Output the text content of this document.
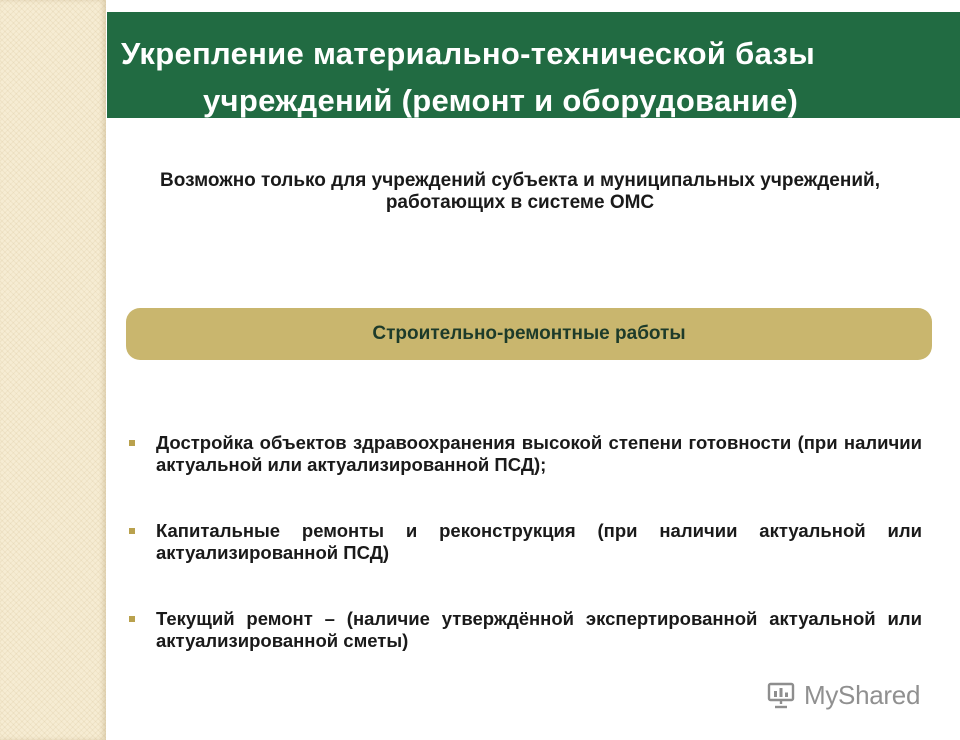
Укрепление материально-технической базы
учреждений (ремонт и оборудование)
Возможно только для учреждений субъекта и муниципальных учреждений, работающих в системе ОМС
Строительно-ремонтные работы
Достройка объектов здравоохранения высокой степени готовности (при наличии актуальной или актуализированной ПСД);
Капитальные ремонты и реконструкция (при наличии актуальной или актуализированной ПСД)
Текущий ремонт – (наличие утверждённой экспертированной актуальной или актуализированной сметы)
MyShared
